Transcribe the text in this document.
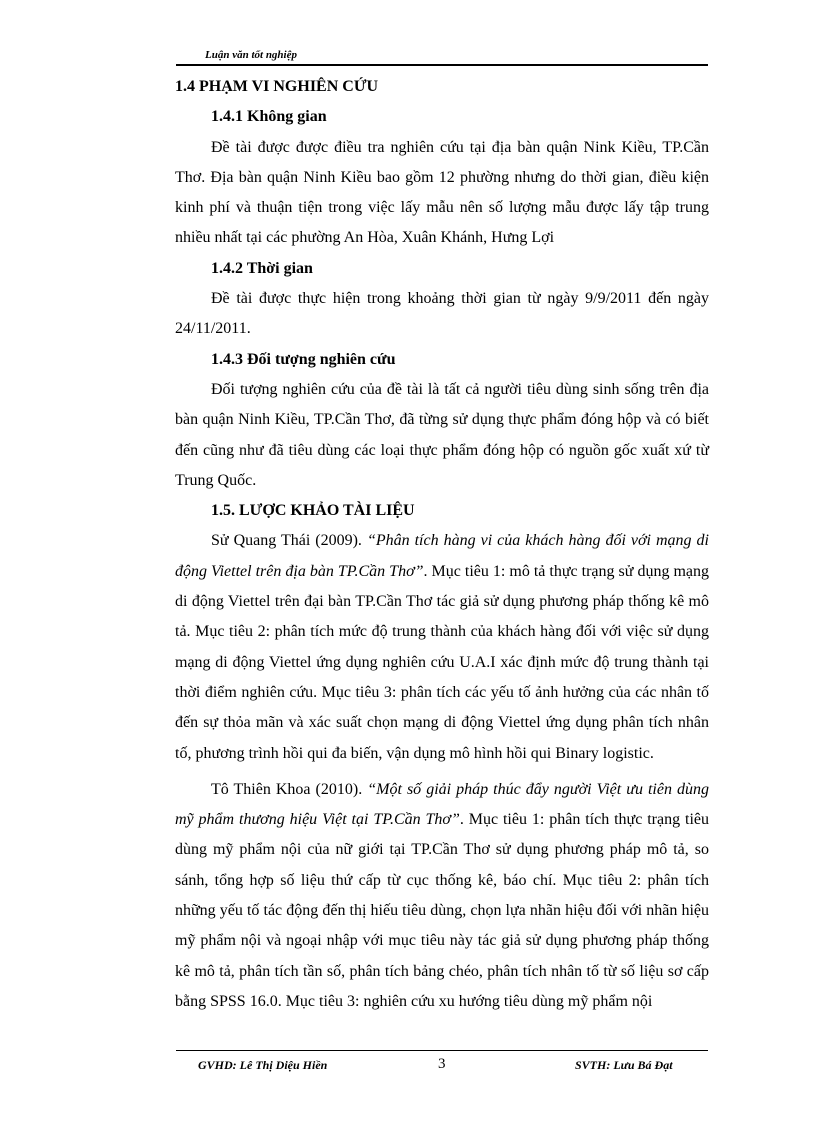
Luận văn tốt nghiệp

1.4 PHẠM VI NGHIÊN CỨU

1.4.1 Không gian

Đề tài được được điều tra nghiên cứu tại địa bàn quận Nink Kiều, TP.Cần Thơ. Địa bàn quận Ninh Kiều bao gồm 12 phường nhưng do thời gian, điều kiện kinh phí và thuận tiện trong việc lấy mẫu nên số lượng mẫu được lấy tập trung nhiều nhất tại các phường An Hòa, Xuân Khánh, Hưng Lợi

1.4.2 Thời gian

Đề tài được thực hiện trong khoảng thời gian từ ngày 9/9/2011 đến ngày 24/11/2011.

1.4.3 Đối tượng nghiên cứu

Đối tượng nghiên cứu của đề tài là tất cả người tiêu dùng sinh sống trên địa bàn quận Ninh Kiều, TP.Cần Thơ, đã từng sử dụng thực phẩm đóng hộp và có biết đến cũng như đã tiêu dùng các loại thực phẩm đóng hộp có nguồn gốc xuất xứ từ Trung Quốc.

1.5. LƯỢC KHẢO TÀI LIỆU

Sử Quang Thái (2009). “Phân tích hàng vi của khách hàng đối với mạng di động Viettel trên địa bàn TP.Cần Thơ”. Mục tiêu 1: mô tả thực trạng sử dụng mạng di động Viettel trên đại bàn TP.Cần Thơ tác giả sử dụng phương pháp thống kê mô tả. Mục tiêu 2: phân tích mức độ trung thành của khách hàng đối với việc sử dụng mạng di động Viettel ứng dụng nghiên cứu U.A.I xác định mức độ trung thành tại thời điểm nghiên cứu. Mục tiêu 3: phân tích các yếu tố ảnh hưởng của các nhân tố đến sự thỏa mãn và xác suất chọn mạng di động Viettel ứng dụng phân tích nhân tố, phương trình hồi qui đa biến, vận dụng mô hình hồi qui Binary logistic.

Tô Thiên Khoa (2010). “Một số giải pháp thúc đẩy người Việt ưu tiên dùng mỹ phẩm thương hiệu Việt tại TP.Cần Thơ”. Mục tiêu 1: phân tích thực trạng tiêu dùng mỹ phẩm nội của nữ giới tại TP.Cần Thơ sử dụng phương pháp mô tả, so sánh, tổng hợp số liệu thứ cấp từ cục thống kê, báo chí. Mục tiêu 2: phân tích những yếu tố tác động đến thị hiếu tiêu dùng, chọn lựa nhãn hiệu đối với nhãn hiệu mỹ phẩm nội và ngoại nhập với mục tiêu này tác giả sử dụng phương pháp thống kê mô tả, phân tích tần số, phân tích bảng chéo, phân tích nhân tố từ số liệu sơ cấp bằng SPSS 16.0. Mục tiêu 3: nghiên cứu xu hướng tiêu dùng mỹ phẩm nội

GVHD: Lê Thị Diệu Hiền	3	SVTH: Lưu Bá Đạt
